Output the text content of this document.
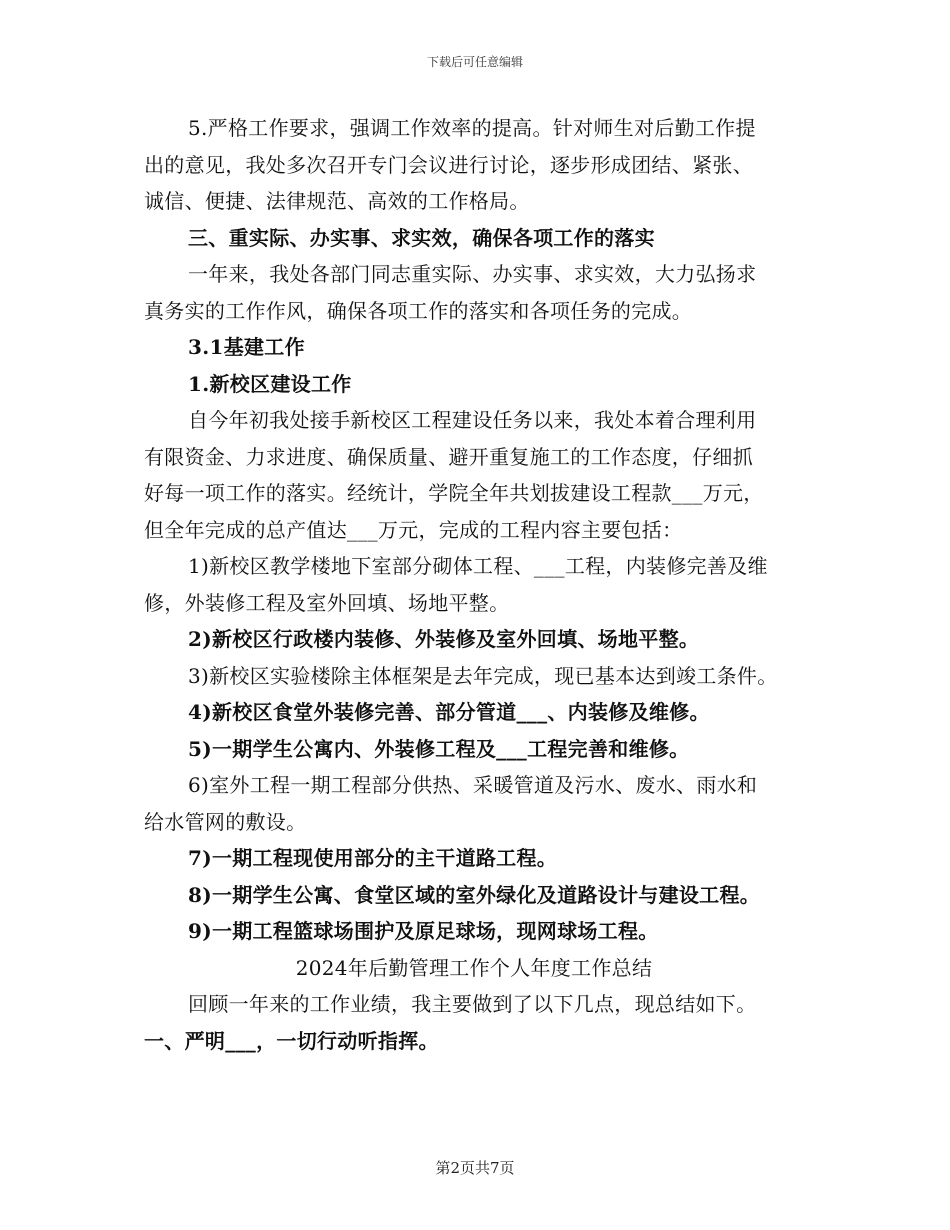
下载后可任意编辑
5.严格工作要求，强调工作效率的提高。针对师生对后勤工作提
出的意见，我处多次召开专门会议进行讨论，逐步形成团结、紧张、
诚信、便捷、法律规范、高效的工作格局。
三、重实际、办实事、求实效，确保各项工作的落实
一年来，我处各部门同志重实际、办实事、求实效，大力弘扬求
真务实的工作作风，确保各项工作的落实和各项任务的完成。
3.1基建工作
1.新校区建设工作
自今年初我处接手新校区工程建设任务以来，我处本着合理利用
有限资金、力求进度、确保质量、避开重复施工的工作态度，仔细抓
好每一项工作的落实。经统计，学院全年共划拔建设工程款___万元，
但全年完成的总产值达___万元，完成的工程内容主要包括：
1)新校区教学楼地下室部分砌体工程、___工程，内装修完善及维
修，外装修工程及室外回填、场地平整。
2)新校区行政楼内装修、外装修及室外回填、场地平整。
3)新校区实验楼除主体框架是去年完成，现已基本达到竣工条件。
4)新校区食堂外装修完善、部分管道___、内装修及维修。
5)一期学生公寓内、外装修工程及___工程完善和维修。
6)室外工程一期工程部分供热、采暖管道及污水、废水、雨水和
给水管网的敷设。
7)一期工程现使用部分的主干道路工程。
8)一期学生公寓、食堂区域的室外绿化及道路设计与建设工程。
9)一期工程篮球场围护及原足球场，现网球场工程。
2024年后勤管理工作个人年度工作总结
回顾一年来的工作业绩，我主要做到了以下几点，现总结如下。
一、严明___，一切行动听指挥。
第2页共7页
